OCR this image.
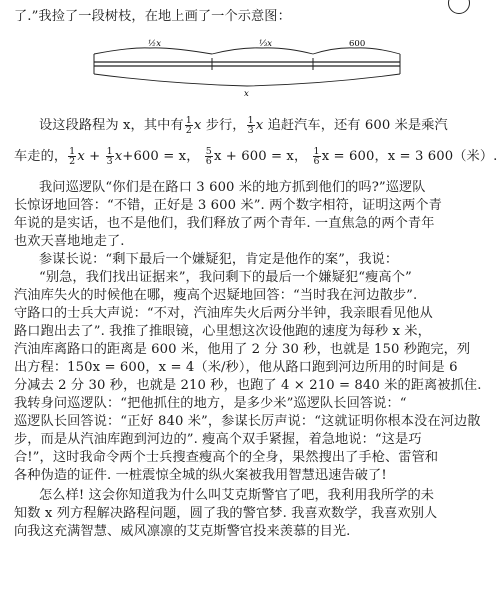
了.”我捡了一段树枝，在地上画了一个示意图：
½x	⅓x	600
x
设这段路程为 x，其中有 $\frac{1}{2}$ x 步行， $\frac{1}{3}$ x 追赶汽车，还有 600 米是乘汽
车走的， $\frac{1}{2}$ $x + \frac{1}{3} x+600 = x$， $\frac{5}{6}$ x + 600 = x， $\frac{1}{6}$ x = 600，x = 3 600（米）.
我问巡逻队“你们是在路口 3 600 米的地方抓到他们的吗?”巡逻队
长惊讶地回答：“不错，正好是 3 600 米”. 两个数字相符，证明这两个青
年说的是实话，也不是他们，我们释放了两个青年. 一直焦急的两个青年
也欢天喜地地走了.
参谋长说：“剩下最后一个嫌疑犯，肯定是他作的案”，我说：
“别急，我们找出证据来”，我问剩下的最后一个嫌疑犯“瘦高个”
汽油库失火的时候他在哪，瘦高个迟疑地回答：“当时我在河边散步”.
守路口的士兵大声说：“不对，汽油库失火后两分半钟，我亲眼看见他从
路口跑出去了”. 我推了推眼镜，心里想这次设他跑的速度为每秒 x 米，
汽油库离路口的距离是 600 米，他用了 2 分 30 秒，也就是 150 秒跑完，列
出方程：150x = 600，x = 4（米/秒），他从路口跑到河边所用的时间是 6
分减去 2 分 30 秒，也就是 210 秒，也跑了 4 × 210 = 840 米的距离被抓住.
我转身问巡逻队：“把他抓住的地方，是多少米”巡逻队长回答说：“
巡逻队长回答说：“正好 840 米”，参谋长厉声说：“这就证明你根本没在河边散
步，而是从汽油库跑到河边的”. 瘦高个双手紧握，着急地说：“这是巧
合!”，这时我命令两个士兵搜查瘦高个的全身，果然搜出了手枪、雷管和
各种伪造的证件. 一桩震惊全城的纵火案被我用智慧迅速告破了!
怎么样! 这会你知道我为什么叫艾克斯警官了吧，我利用我所学的未
知数 x 列方程解决路程问题，圆了我的警官梦. 我喜欢数学，我喜欢别人
向我这充满智慧、威风凛凛的艾克斯警官投来羡慕的目光.
